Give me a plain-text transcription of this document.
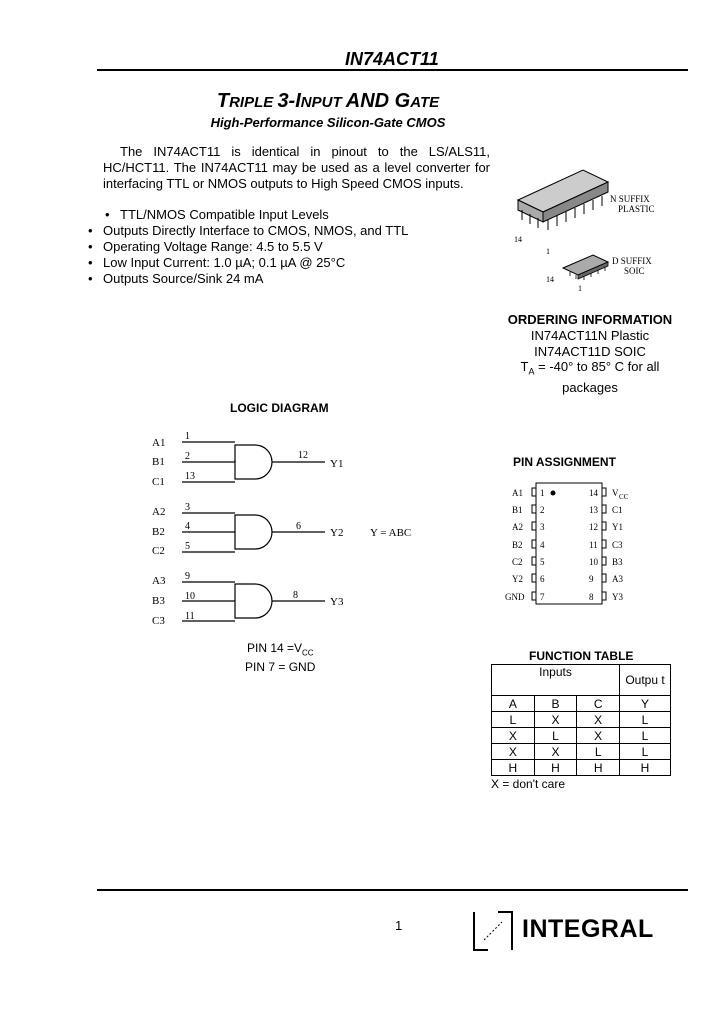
IN74ACT11
TRIPLE 3-INPUT AND GATE
High-Performance Silicon-Gate CMOS
The IN74ACT11 is identical in pinout to the LS/ALS11, HC/HCT11. The IN74ACT11 may be used as a level converter for interfacing TTL or NMOS outputs to High Speed CMOS inputs.
• TTL/NMOS Compatible Input Levels
• Outputs Directly Interface to CMOS, NMOS, and TTL
• Operating Voltage Range: 4.5 to 5.5 V
• Low Input Current: 1.0 µA; 0.1 µA @ 25°C
• Outputs Source/Sink 24 mA
N SUFFIX
PLASTIC
14
1
D SUFFIX
SOIC
14
1
ORDERING INFORMATION
IN74ACT11N Plastic
IN74ACT11D SOIC
$T_A = -40^\circ$ to 85° C for all
packages
LOGIC DIAGRAM
A1
B1
C1
1
2
13
12
Y1
A2
B2
C2
3
4
5
6
Y2 Y = ABC
A3
B3
C3
9
10
11
8
Y3
PIN $14 =V_{CC}$
PIN 7 = GND
PIN ASSIGNMENT
A1 1
B1 2
A2 3
B2 4
C2 5
Y2 6
GND 7
14 V CC
13 C1
12 Y1
11 C3
10 B3
9 A3
8 Y3
FUNCTION TABLE
Inputs			Outpu t
A	B	C	Y
L	X	X	L
X	L	X	L
X	X	L	L
H	H	H	H
X = don't care
1	INTEGRAL
